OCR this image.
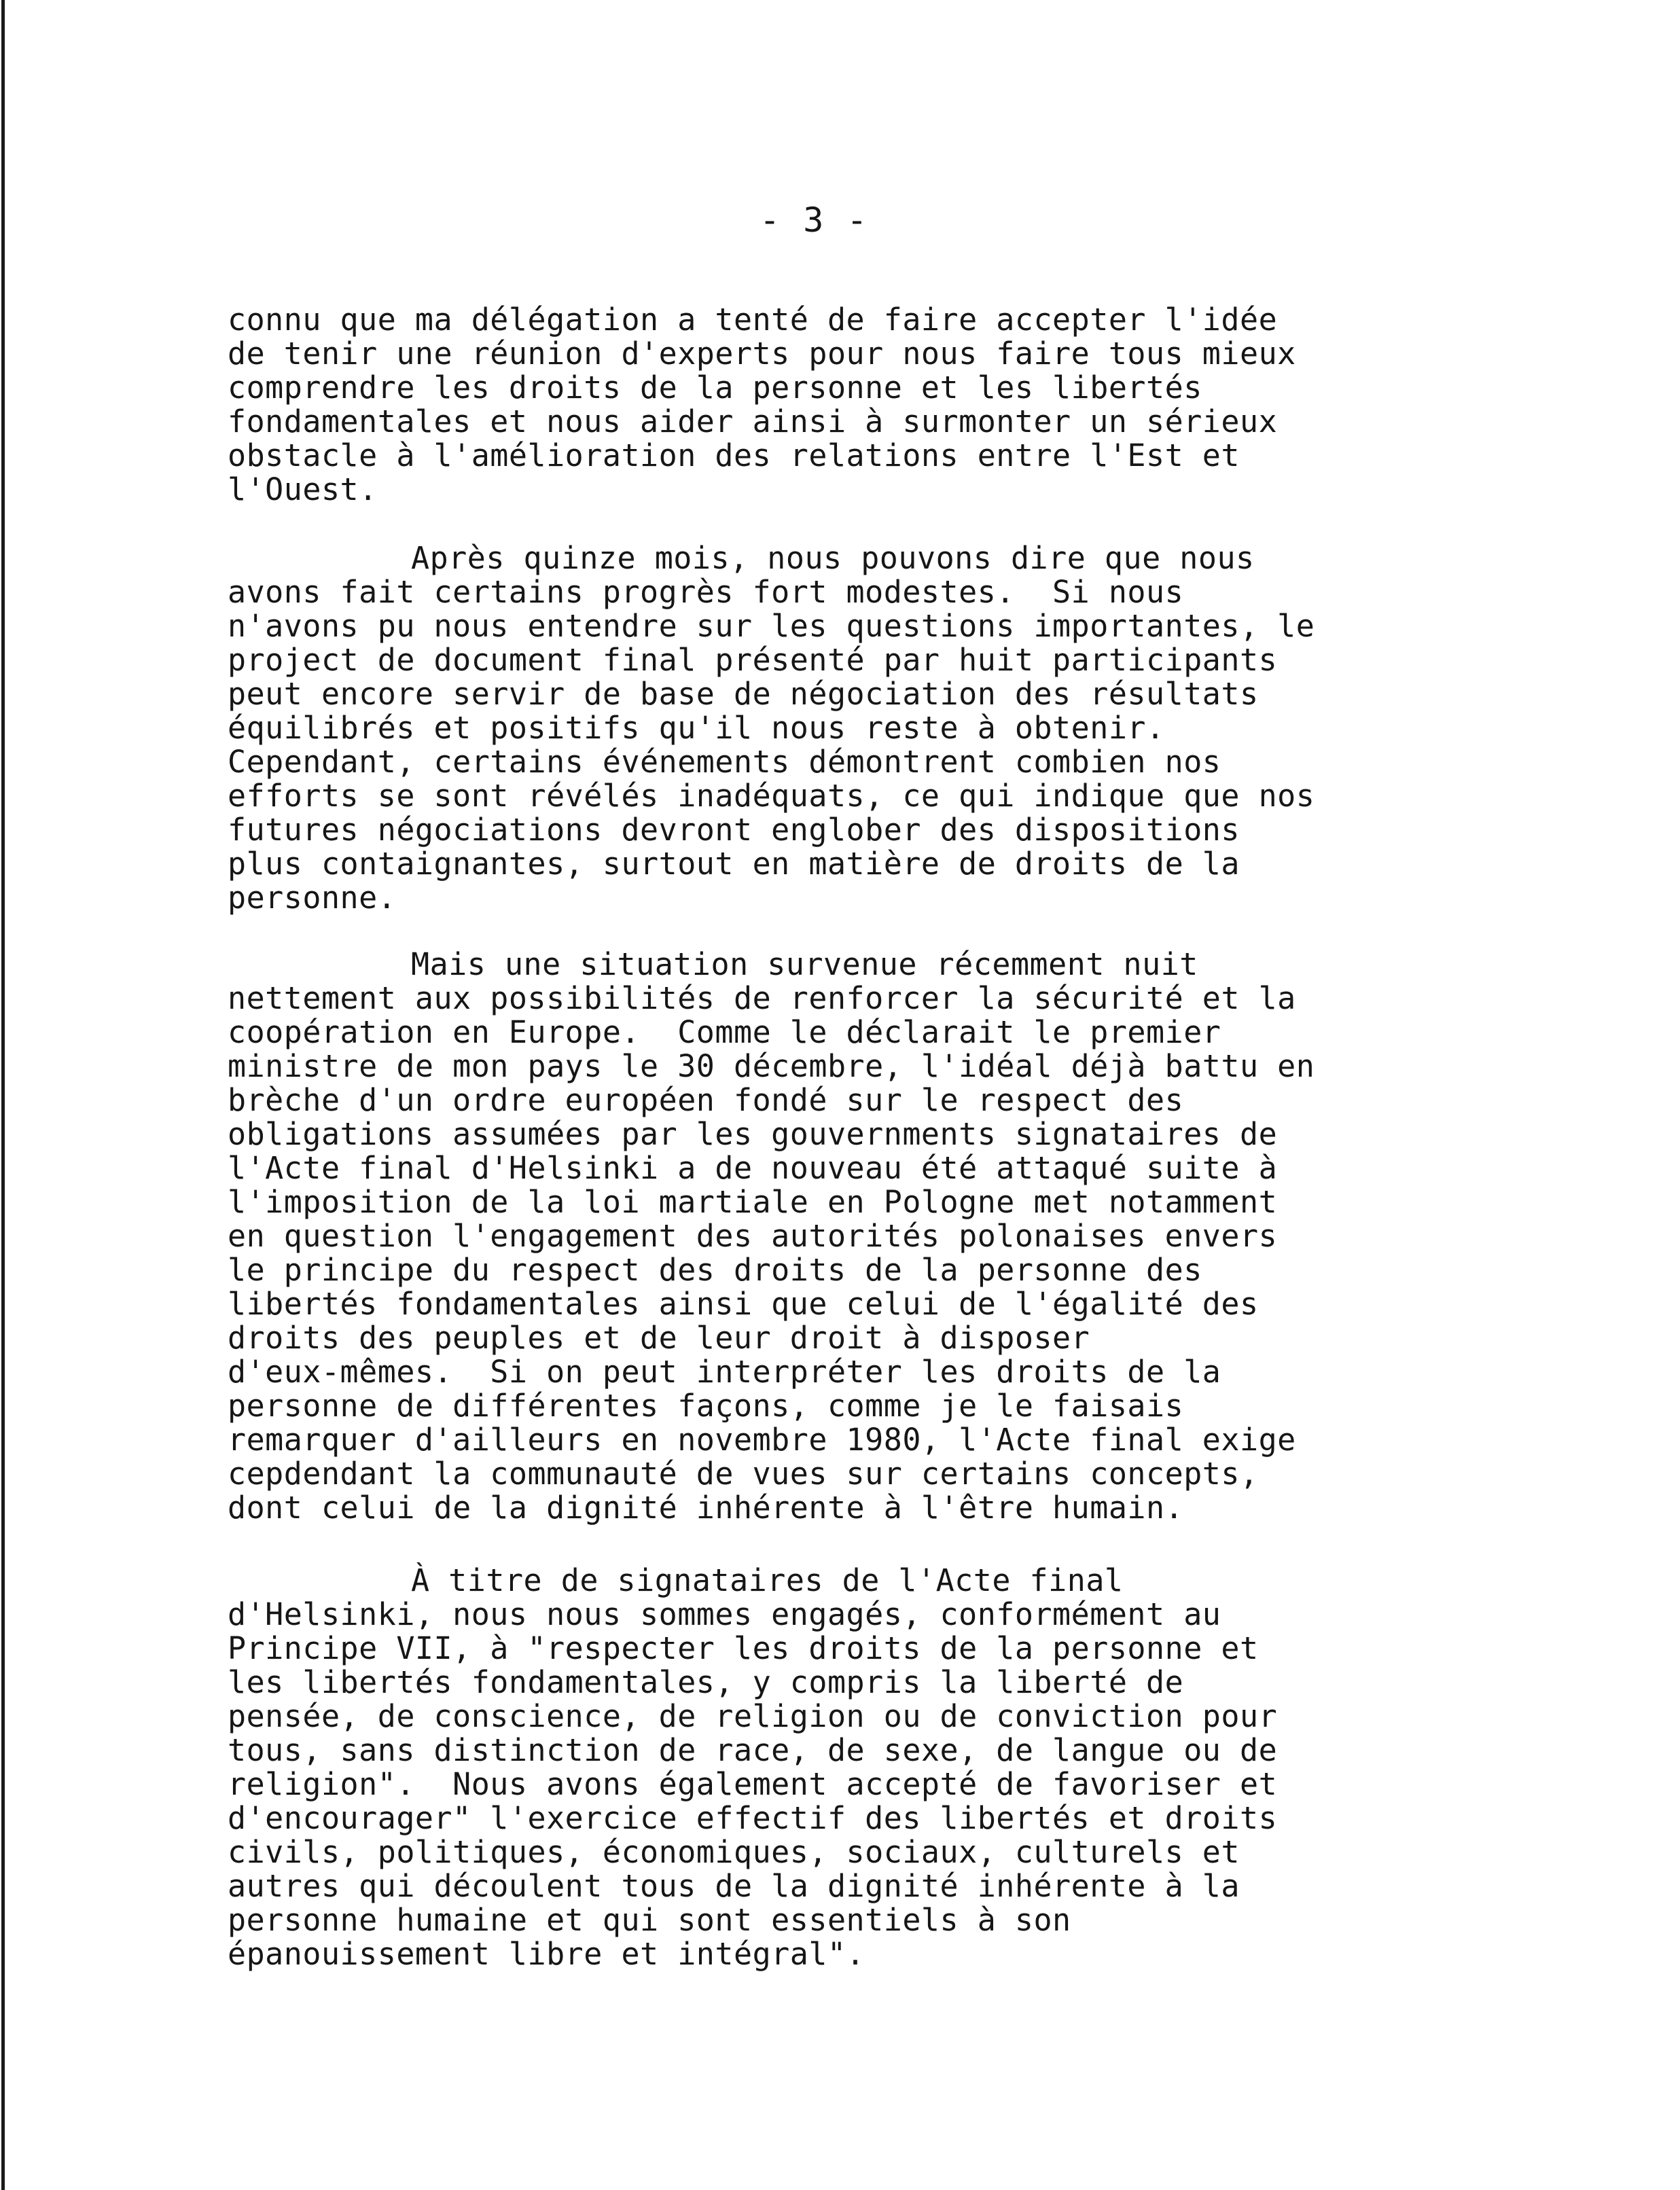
- 3 -
connu que ma délégation a tenté de faire accepter l'idée
de tenir une réunion d'experts pour nous faire tous mieux
comprendre les droits de la personne et les libertés
fondamentales et nous aider ainsi à surmonter un sérieux
obstacle à l'amélioration des relations entre l'Est et
l'Ouest.
Après quinze mois, nous pouvons dire que nous
avons fait certains progrès fort modestes.  Si nous
n'avons pu nous entendre sur les questions importantes, le
project de document final présenté par huit participants
peut encore servir de base de négociation des résultats
équilibrés et positifs qu'il nous reste à obtenir.
Cependant, certains événements démontrent combien nos
efforts se sont révélés inadéquats, ce qui indique que nos
futures négociations devront englober des dispositions
plus contaignantes, surtout en matière de droits de la
personne.
Mais une situation survenue récemment nuit
nettement aux possibilités de renforcer la sécurité et la
coopération en Europe.  Comme le déclarait le premier
ministre de mon pays le 30 décembre, l'idéal déjà battu en
brèche d'un ordre européen fondé sur le respect des
obligations assumées par les gouvernments signataires de
l'Acte final d'Helsinki a de nouveau été attaqué suite à
l'imposition de la loi martiale en Pologne met notamment
en question l'engagement des autorités polonaises envers
le principe du respect des droits de la personne des
libertés fondamentales ainsi que celui de l'égalité des
droits des peuples et de leur droit à disposer
d'eux-mêmes.  Si on peut interpréter les droits de la
personne de différentes façons, comme je le faisais
remarquer d'ailleurs en novembre 1980, l'Acte final exige
cepdendant la communauté de vues sur certains concepts,
dont celui de la dignité inhérente à l'être humain.
À titre de signataires de l'Acte final
d'Helsinki, nous nous sommes engagés, conformément au
Principe VII, à "respecter les droits de la personne et
les libertés fondamentales, y compris la liberté de
pensée, de conscience, de religion ou de conviction pour
tous, sans distinction de race, de sexe, de langue ou de
religion".  Nous avons également accepté de favoriser et
d'encourager" l'exercice effectif des libertés et droits
civils, politiques, économiques, sociaux, culturels et
autres qui découlent tous de la dignité inhérente à la
personne humaine et qui sont essentiels à son
épanouissement libre et intégral".
